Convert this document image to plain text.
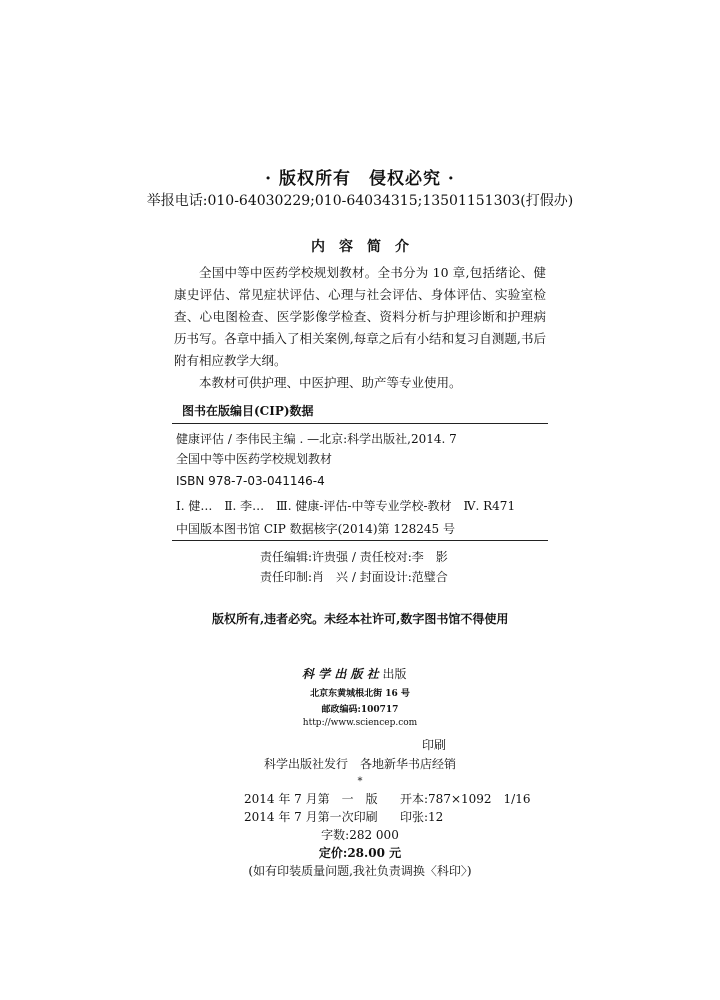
· 版权所有　侵权必究 ·
举报电话:010-64030229;010-64034315;13501151303(打假办)
内　容　简　介

全国中等中医药学校规划教材。全书分为 10 章,包括绪论、健康史评估、常见症状评估、心理与社会评估、身体评估、实验室检查、心电图检查、医学影像学检查、资料分析与护理诊断和护理病历书写。各章中插入了相关案例,每章之后有小结和复习自测题,书后附有相应教学大纲。

本教材可供护理、中医护理、助产等专业使用。

图书在版编目(CIP)数据
健康评估 / 李伟民主编 . —北京:科学出版社,2014. 7
全国中等中医药学校规划教材
ISBN 978-7-03-041146-4
Ⅰ. 健…　Ⅱ. 李…　Ⅲ. 健康-评估-中等专业学校-教材　Ⅳ. R471
中国版本图书馆 CIP 数据核字(2014)第 128245 号
责任编辑:许贵强 / 责任校对:李　影
责任印制:肖　兴 / 封面设计:范璧合
版权所有,违者必究。未经本社许可,数字图书馆不得使用
科 学 出 版 社 出版
北京东黄城根北街 16 号
邮政编码:100717
http://www.sciencep.com
印刷
科学出版社发行　各地新华书店经销
*
2014 年 7 月第　一　版 开本:787×1092　1/16
2014 年 7 月第一次印刷 印张:12
字数:282 000
定价:28.00 元
(如有印装质量问题,我社负责调换〈科印〉)
